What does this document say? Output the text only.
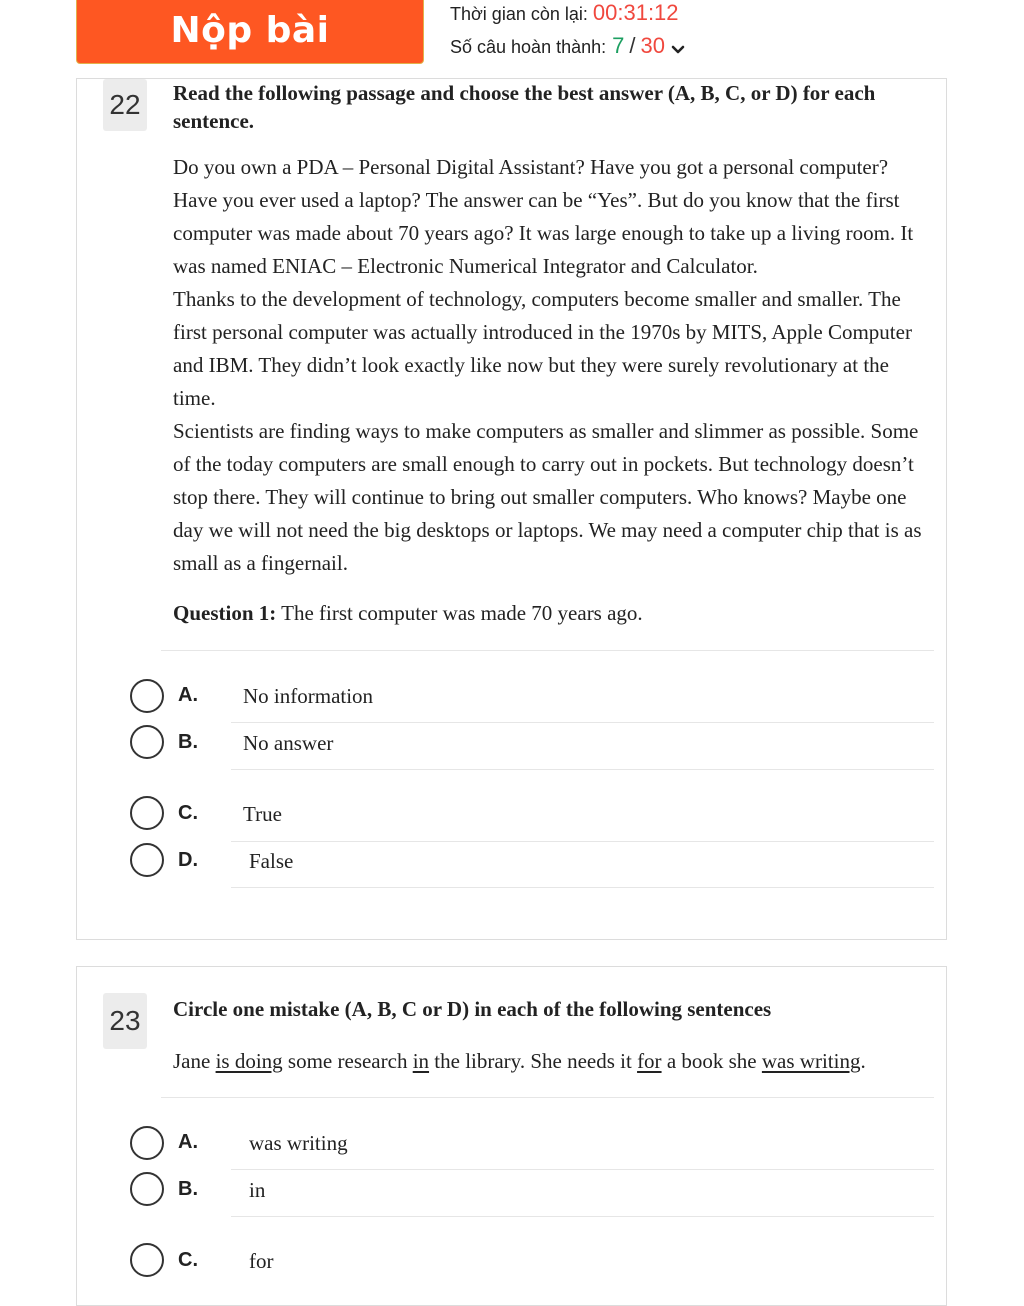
Nộp bài	Thời gian còn lại: 00:31:12
Số câu hoàn thành: 7 / 30
22	Read the following passage and choose the best answer (A, B, C, or D) for each sentence.

Do you own a PDA – Personal Digital Assistant? Have you got a personal computer? Have you ever used a laptop? The answer can be “Yes”. But do you know that the first computer was made about 70 years ago? It was large enough to take up a living room. It was named ENIAC – Electronic Numerical Integrator and Calculator.

Thanks to the development of technology, computers become smaller and smaller. The first personal computer was actually introduced in the 1970s by MITS, Apple Computer and IBM. They didn’t look exactly like now but they were surely revolutionary at the time.

Scientists are finding ways to make computers as smaller and slimmer as possible. Some of the today computers are small enough to carry out in pockets. But technology doesn’t stop there. They will continue to bring out smaller computers. Who knows? Maybe one day we will not need the big desktops or laptops. We may need a computer chip that is as small as a fingernail.

Question 1: The first computer was made 70 years ago.
A. No information
B. No answer
C. True
D. False
23	Circle one mistake (A, B, C or D) in each of the following sentences
Jane is doing some research in the library. She needs it for a book she was writing.
A. was writing
B. in
C. for
